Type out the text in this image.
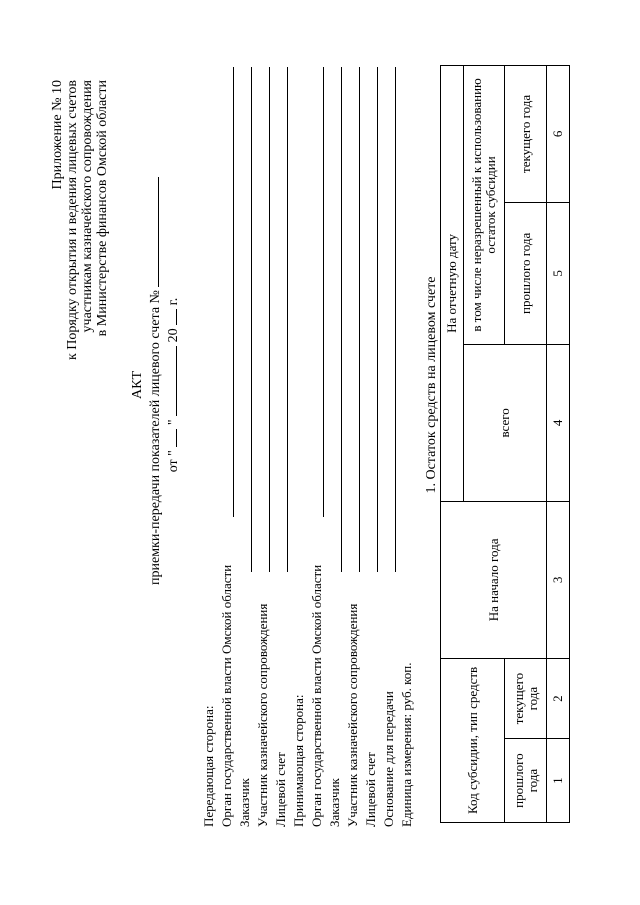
Приложение № 10 к Порядку открытия и ведения лицевых счетов участникам казначейского сопровождения в Министерстве финансов Омской области
АКТ приемки-передачи показателей лицевого счета № от "  "  20  г.
Передающая сторона: Орган государственной власти Омской области Заказчик Участник казначейского сопровождения Лицевой счет Принимающая сторона: Орган государственной власти Омской области Заказчик Участник казначейского сопровождения Лицевой счет Основание для передачи Единица измерения: руб. коп.
1. Остаток средств на лицевом счете
Код субсидии, тип средств		На начало года	На отчетную дату		
			всего	в том числе неразрешенный к использованию остаток субсидии	
прошлого года	текущего года			прошлого года	текущего года
1	2	3	4	5	6
